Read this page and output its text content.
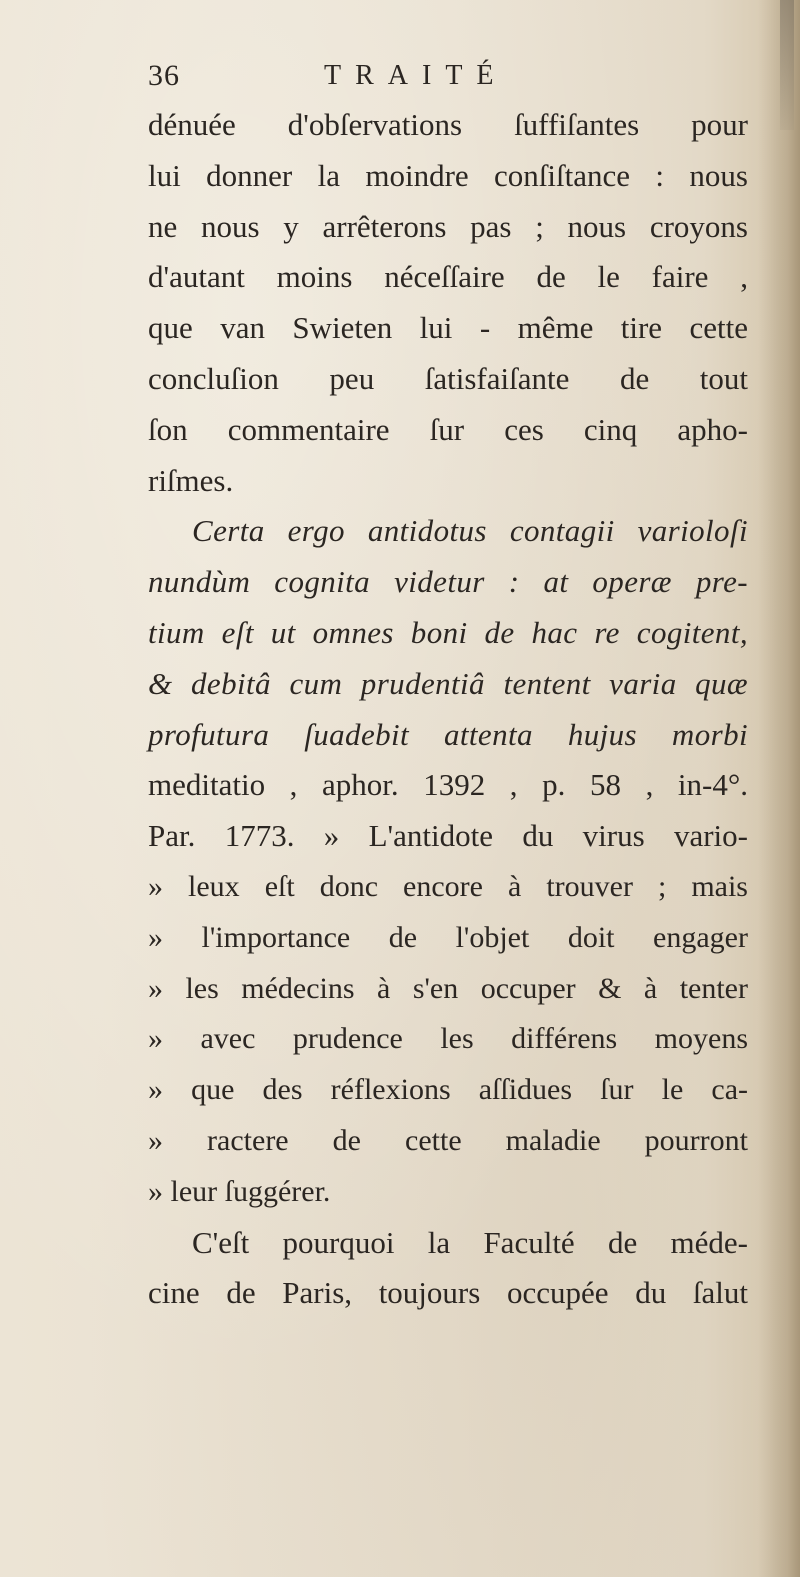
36	TRAITÉ
dénuée d'obſervations ſuffiſantes pour
lui donner la moindre conſiſtance : nous
ne nous y arrêterons pas ; nous croyons
d'autant moins néceſſaire de le faire ,
que van Swieten lui - même tire cette
concluſion peu ſatisfaiſante de tout
ſon commentaire ſur ces cinq apho-
riſmes.
Certa ergo antidotus contagii varioloſi
nundùm cognita videtur : at operæ pre-
tium eſt ut omnes boni de hac re cogitent,
& debitâ cum prudentiâ tentent varia quæ
profutura ſuadebit attenta hujus morbi
meditatio , aphor. 1392 , p. 58 , in-4°.
Par. 1773. » L'antidote du virus vario-
» leux eſt donc encore à trouver ; mais
» l'importance de l'objet doit engager
» les médecins à s'en occuper & à tenter
» avec prudence les différens moyens
» que des réflexions aſſidues ſur le ca-
» ractere de cette maladie pourront
» leur ſuggérer.
C'eſt pourquoi la Faculté de méde-
cine de Paris, toujours occupée du ſalut
